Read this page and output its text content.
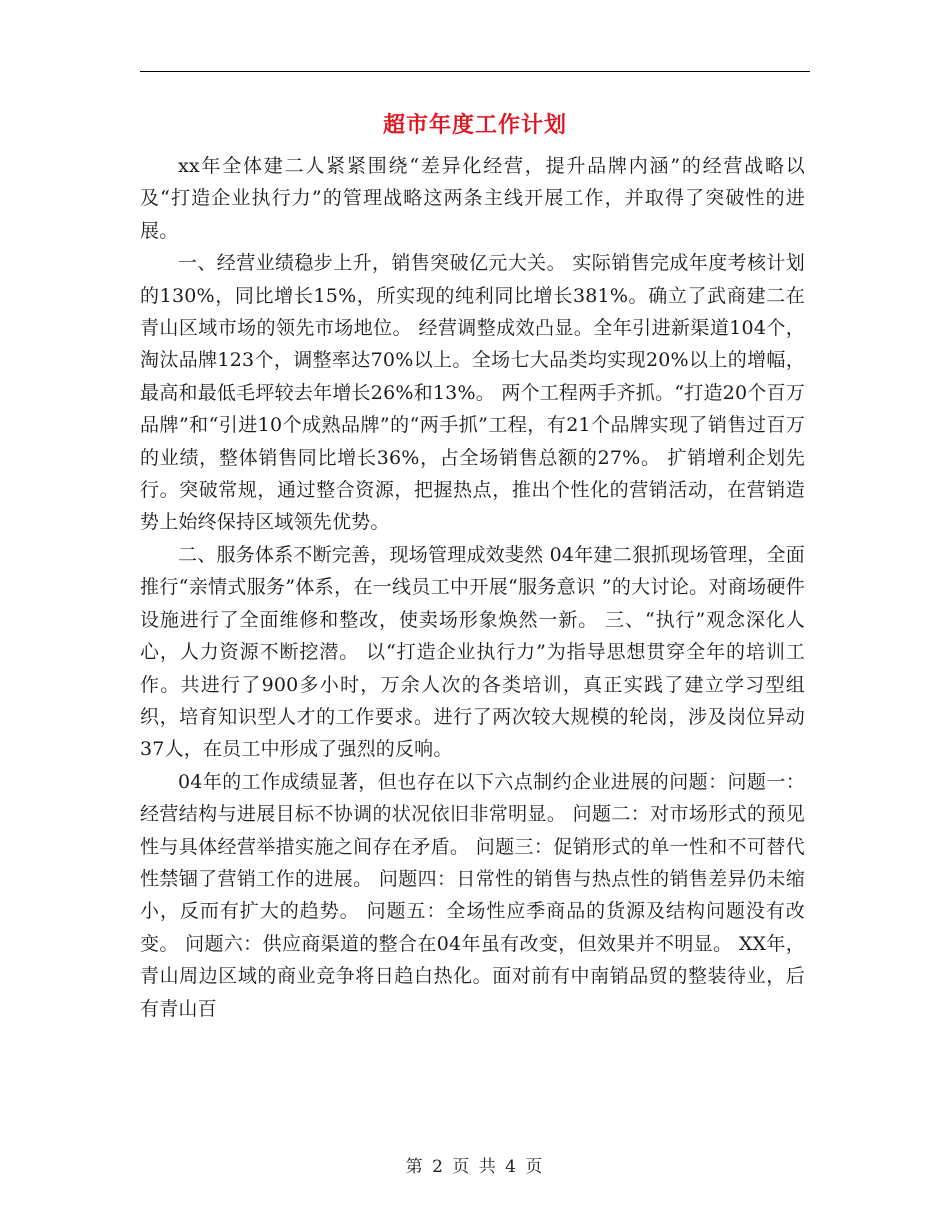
超市年度工作计划

xx年全体建二人紧紧围绕“差异化经营，提升品牌内涵”的经营战略以及“打造企业执行力”的管理战略这两条主线开展工作，并取得了突破性的进展。

一、经营业绩稳步上升，销售突破亿元大关。 实际销售完成年度考核计划的130%，同比增长15%，所实现的纯利同比增长381%。确立了武商建二在青山区域市场的领先市场地位。 经营调整成效凸显。全年引进新渠道104个，淘汰品牌123个，调整率达70%以上。全场七大品类均实现20%以上的增幅，最高和最低毛坪较去年增长26%和13%。 两个工程两手齐抓。“打造20个百万品牌”和“引进10个成熟品牌”的“两手抓”工程，有21个品牌实现了销售过百万的业绩，整体销售同比增长36%，占全场销售总额的27%。 扩销增利企划先行。突破常规，通过整合资源，把握热点，推出个性化的营销活动，在营销造势上始终保持区域领先优势。

二、服务体系不断完善，现场管理成效斐然 04年建二狠抓现场管理，全面推行“亲情式服务”体系，在一线员工中开展“服务意识 ”的大讨论。对商场硬件设施进行了全面维修和整改，使卖场形象焕然一新。 三、“执行”观念深化人心，人力资源不断挖潜。 以“打造企业执行力”为指导思想贯穿全年的培训工作。共进行了900多小时，万余人次的各类培训，真正实践了建立学习型组织，培育知识型人才的工作要求。进行了两次较大规模的轮岗，涉及岗位异动37人，在员工中形成了强烈的反响。

04年的工作成绩显著，但也存在以下六点制约企业进展的问题：问题一：经营结构与进展目标不协调的状况依旧非常明显。 问题二：对市场形式的预见性与具体经营举措实施之间存在矛盾。 问题三：促销形式的单一性和不可替代性禁锢了营销工作的进展。 问题四：日常性的销售与热点性的销售差异仍未缩小，反而有扩大的趋势。 问题五：全场性应季商品的货源及结构问题没有改变。 问题六：供应商渠道的整合在04年虽有改变，但效果并不明显。 XX年，青山周边区域的商业竞争将日趋白热化。面对前有中南销品贸的整装待业，后有青山百

第 2 页 共 4 页
